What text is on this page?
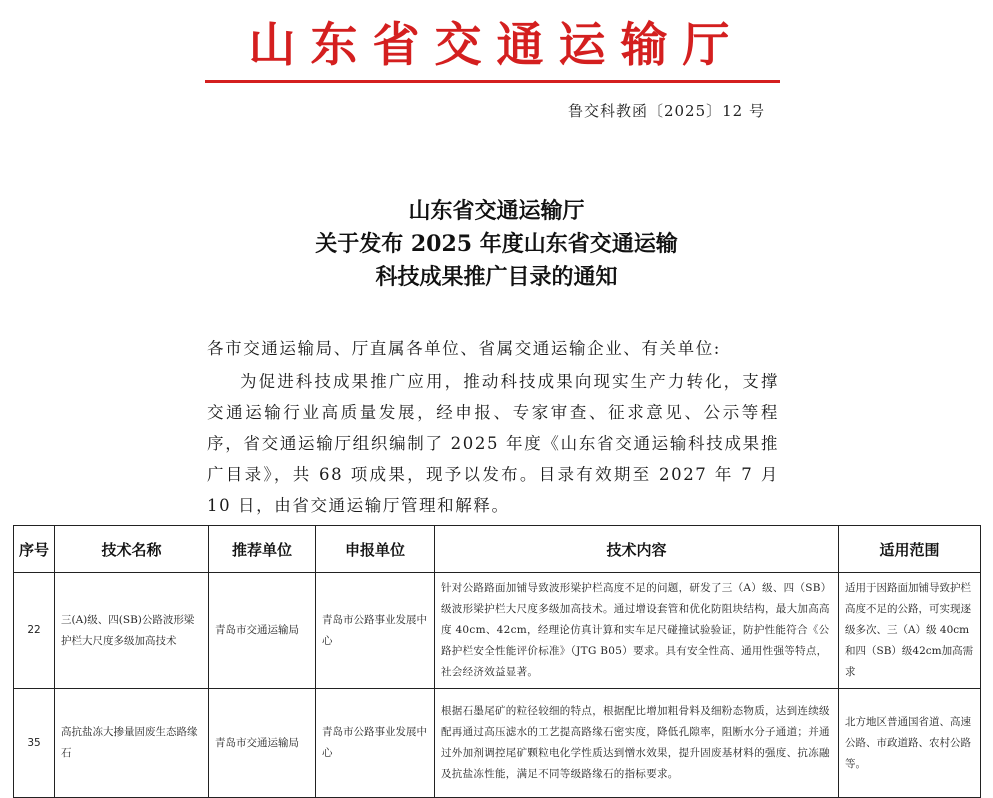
山东省交通运输厅
鲁交科教函〔2025〕12 号
山东省交通运输厅
关于发布 2025 年度山东省交通运输
科技成果推广目录的通知
各市交通运输局、厅直属各单位、省属交通运输企业、有关单位:
为促进科技成果推广应用，推动科技成果向现实生产力转化，支撑交通运输行业高质量发展，经申报、专家审查、征求意见、公示等程序，省交通运输厅组织编制了 2025 年度《山东省交通运输科技成果推广目录》，共 68 项成果，现予以发布。目录有效期至 2027 年 7 月 10 日，由省交通运输厅管理和解释。
序号	技术名称	推荐单位	申报单位	技术内容	适用范围
22	三(A)级、四(SB)公路波形梁护栏大尺度多级加高技术	青岛市交通运输局	青岛市公路事业发展中心	针对公路路面加铺导致波形梁护栏高度不足的问题，研发了三（A）级、四（SB）级波形梁护栏大尺度多级加高技术。通过增设套管和优化防阻块结构，最大加高高度 40cm、42cm，经理论仿真计算和实车足尺碰撞试验验证，防护性能符合《公路护栏安全性能评价标准》（JTG B05）要求。具有安全性高、通用性强等特点，社会经济效益显著。	适用于因路面加铺导致护栏高度不足的公路，可实现逐级多次、三（A）级 40cm和四（SB）级42cm加高需求
35	高抗盐冻大掺量固废生态路缘石	青岛市交通运输局	青岛市公路事业发展中心	根据石墨尾矿的粒径较细的特点，根据配比增加粗骨料及细粉态物质，达到连续级配再通过高压滤水的工艺提高路缘石密实度，降低孔隙率，阻断水分子通道；并通过外加剂调控尾矿颗粒电化学性质达到憎水效果，提升固废基材料的强度、抗冻融及抗盐冻性能，满足不同等级路缘石的指标要求。	北方地区普通国省道、高速公路、市政道路、农村公路等。
